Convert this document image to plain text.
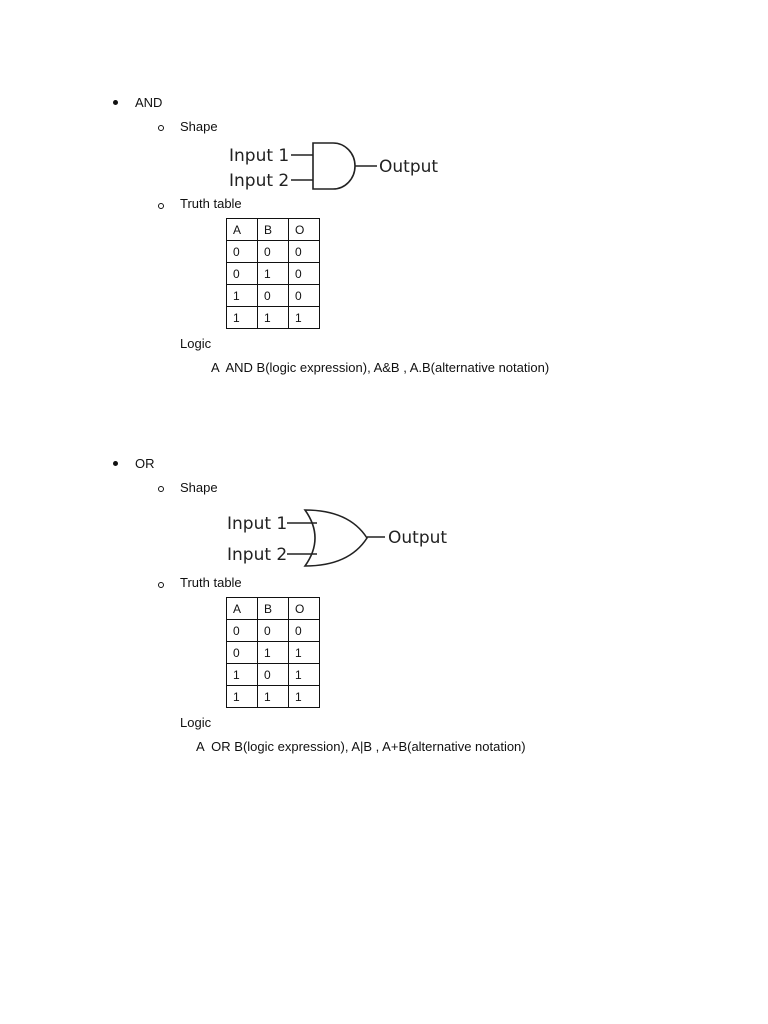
AND
Shape
Input 1
Input 2
Output
Truth table
A	B	O
0	0	0
0	1	0
1	0	0
1	1	1
Logic
A  AND B(logic expression), A&B , A.B(alternative notation)
OR
Shape
Input 1
Input 2
Output
Truth table
A	B	O
0	0	0
0	1	1
1	0	1
1	1	1
Logic
A  OR B(logic expression), A|B , A+B(alternative notation)
